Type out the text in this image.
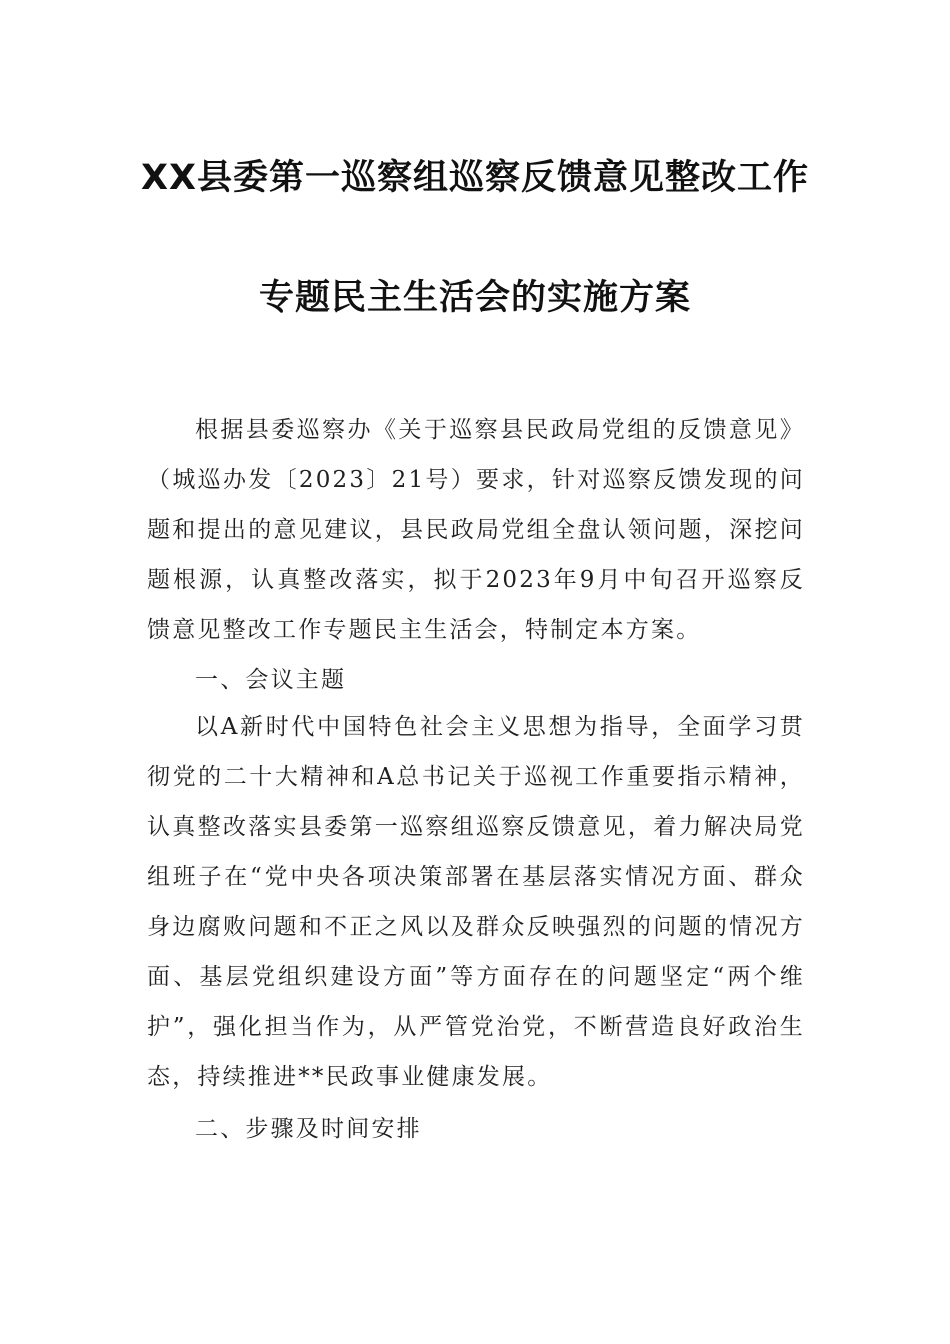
XX县委第一巡察组巡察反馈意见整改工作
专题民主生活会的实施方案

根据县委巡察办《关于巡察县民政局党组的反馈意见》（城巡办发〔2023〕21号）要求，针对巡察反馈发现的问题和提出的意见建议，县民政局党组全盘认领问题，深挖问题根源，认真整改落实，拟于2023年9月中旬召开巡察反馈意见整改工作专题民主生活会，特制定本方案。

一、会议主题

以A新时代中国特色社会主义思想为指导，全面学习贯彻党的二十大精神和A总书记关于巡视工作重要指示精神，认真整改落实县委第一巡察组巡察反馈意见，着力解决局党组班子在“党中央各项决策部署在基层落实情况方面、群众身边腐败问题和不正之风以及群众反映强烈的问题的情况方面、基层党组织建设方面”等方面存在的问题坚定“两个维护”，强化担当作为，从严管党治党，不断营造良好政治生态，持续推进**民政事业健康发展。

二、步骤及时间安排
